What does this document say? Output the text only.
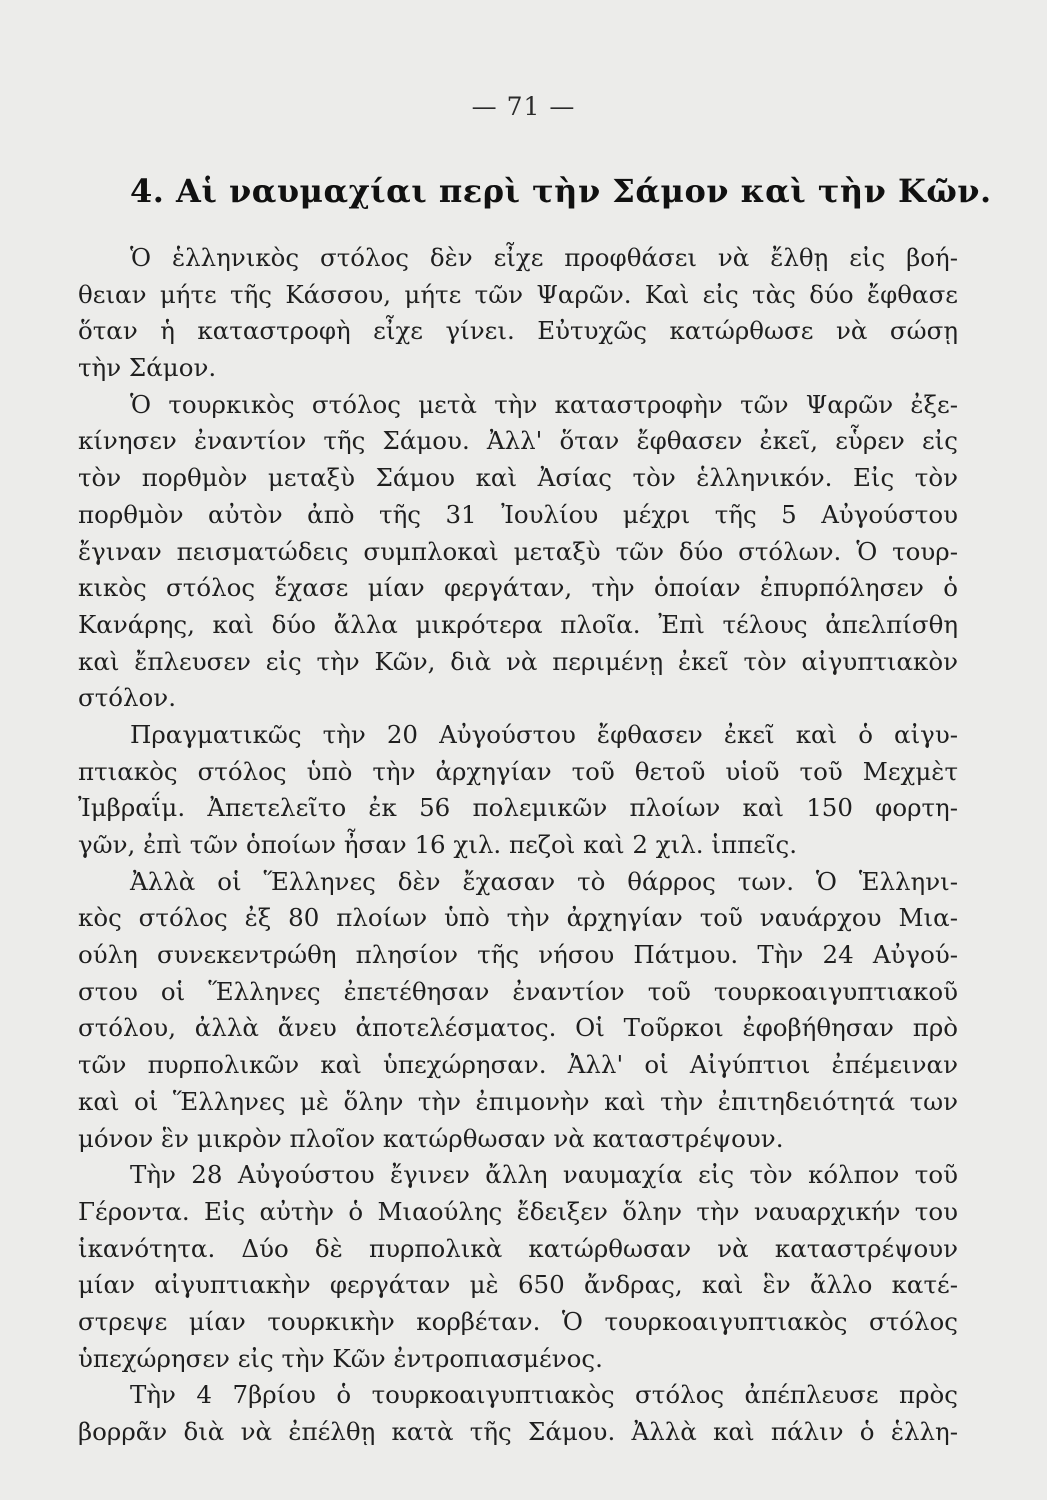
— 71 —
4. Αἱ ναυμαχίαι περὶ τὴν Σάμον καὶ τὴν Κῶν.
Ὁ ἑλληνικὸς στόλος δὲν εἶχε προφθάσει νὰ ἔλθῃ εἰς βοή-
θειαν μήτε τῆς Κάσσου, μήτε τῶν Ψαρῶν. Καὶ εἰς τὰς δύο ἔφθασε
ὅταν ἡ καταστροφὴ εἶχε γίνει. Εὐτυχῶς κατώρθωσε νὰ σώσῃ
τὴν Σάμον.
Ὁ τουρκικὸς στόλος μετὰ τὴν καταστροφὴν τῶν Ψαρῶν ἐξε-
κίνησεν ἐναντίον τῆς Σάμου. Ἀλλ' ὅταν ἔφθασεν ἐκεῖ, εὗρεν εἰς
τὸν πορθμὸν μεταξὺ Σάμου καὶ Ἀσίας τὸν ἑλληνικόν. Εἰς τὸν
πορθμὸν αὐτὸν ἀπὸ τῆς 31 Ἰουλίου μέχρι τῆς 5 Αὐγούστου
ἔγιναν πεισματώδεις συμπλοκαὶ μεταξὺ τῶν δύο στόλων. Ὁ τουρ-
κικὸς στόλος ἔχασε μίαν φεργάταν, τὴν ὁποίαν ἐπυρπόλησεν ὁ
Κανάρης, καὶ δύο ἄλλα μικρότερα πλοῖα. Ἐπὶ τέλους ἀπελπίσθη
καὶ ἔπλευσεν εἰς τὴν Κῶν, διὰ νὰ περιμένῃ ἐκεῖ τὸν αἰγυπτιακὸν
στόλον.
Πραγματικῶς τὴν 20 Αὐγούστου ἔφθασεν ἐκεῖ καὶ ὁ αἰγυ-
πτιακὸς στόλος ὑπὸ τὴν ἀρχηγίαν τοῦ θετοῦ υἱοῦ τοῦ Μεχμὲτ
Ἰμβραΐμ. Ἀπετελεῖτο ἐκ 56 πολεμικῶν πλοίων καὶ 150 φορτη-
γῶν, ἐπὶ τῶν ὁποίων ἦσαν 16 χιλ. πεζοὶ καὶ 2 χιλ. ἱππεῖς.
Ἀλλὰ οἱ Ἕλληνες δὲν ἔχασαν τὸ θάρρος των. Ὁ Ἑλληνι-
κὸς στόλος ἐξ 80 πλοίων ὑπὸ τὴν ἀρχηγίαν τοῦ ναυάρχου Μια-
ούλη συνεκεντρώθη πλησίον τῆς νήσου Πάτμου. Τὴν 24 Αὐγού-
στου οἱ Ἕλληνες ἐπετέθησαν ἐναντίον τοῦ τουρκοαιγυπτιακοῦ
στόλου, ἀλλὰ ἄνευ ἀποτελέσματος. Οἱ Τοῦρκοι ἐφοβήθησαν πρὸ
τῶν πυρπολικῶν καὶ ὑπεχώρησαν. Ἀλλ' οἱ Αἰγύπτιοι ἐπέμειναν
καὶ οἱ Ἕλληνες μὲ ὅλην τὴν ἐπιμονὴν καὶ τὴν ἐπιτηδειότητά των
μόνον ἓν μικρὸν πλοῖον κατώρθωσαν νὰ καταστρέψουν.
Τὴν 28 Αὐγούστου ἔγινεν ἄλλη ναυμαχία εἰς τὸν κόλπον τοῦ
Γέροντα. Εἰς αὐτὴν ὁ Μιαούλης ἔδειξεν ὅλην τὴν ναυαρχικήν του
ἱκανότητα. Δύο δὲ πυρπολικὰ κατώρθωσαν νὰ καταστρέψουν
μίαν αἰγυπτιακὴν φεργάταν μὲ 650 ἄνδρας, καὶ ἓν ἄλλο κατέ-
στρεψε μίαν τουρκικὴν κορβέταν. Ὁ τουρκοαιγυπτιακὸς στόλος
ὑπεχώρησεν εἰς τὴν Κῶν ἐντροπιασμένος.
Τὴν 4 7βρίου ὁ τουρκοαιγυπτιακὸς στόλος ἀπέπλευσε πρὸς
βορρᾶν διὰ νὰ ἐπέλθῃ κατὰ τῆς Σάμου. Ἀλλὰ καὶ πάλιν ὁ ἑλλη-
